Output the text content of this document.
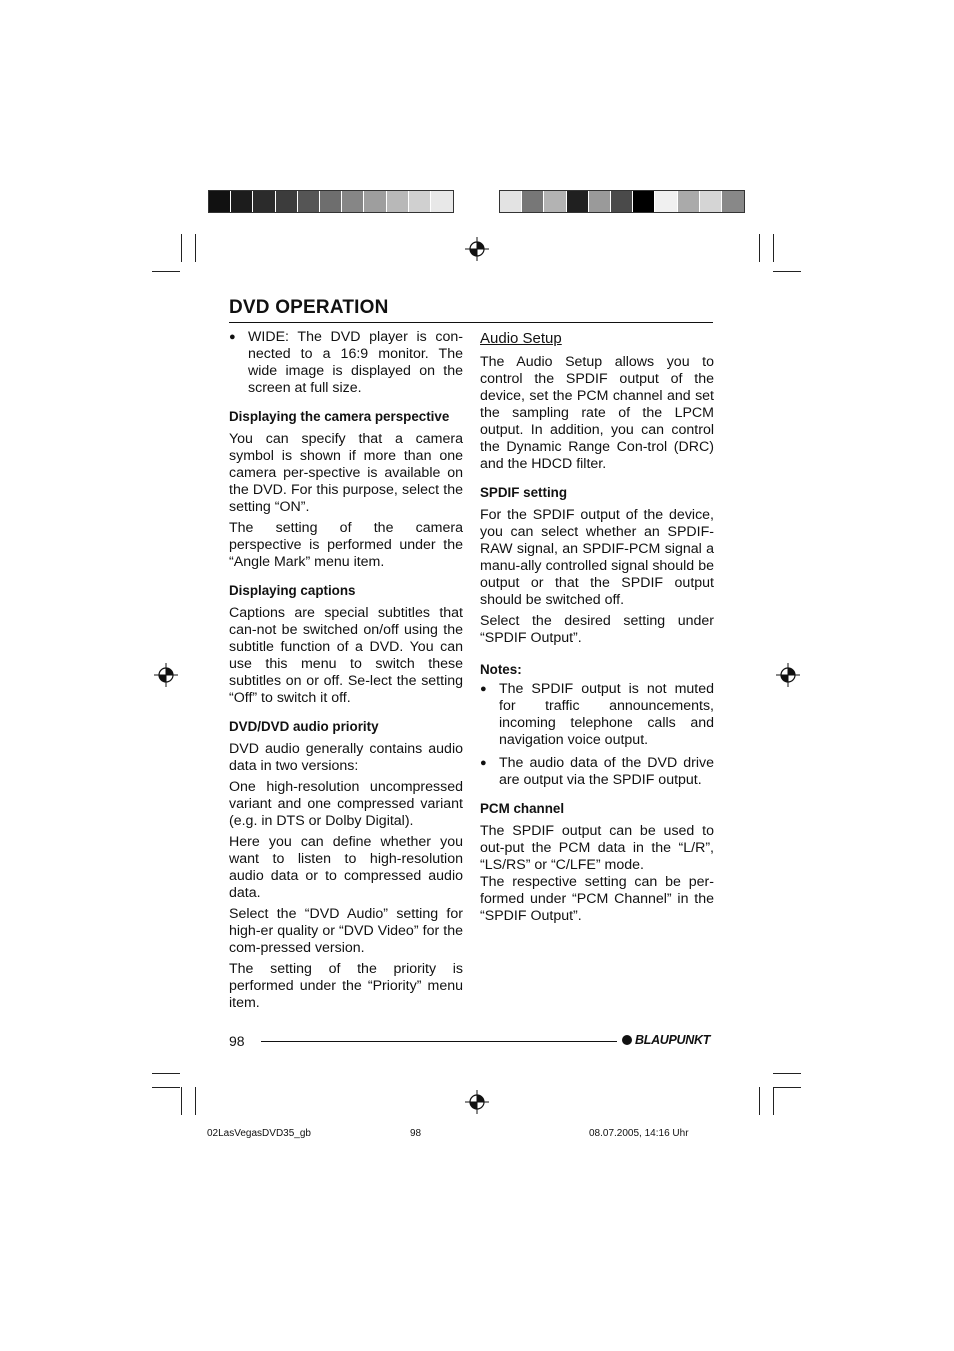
DVD OPERATION

● WIDE: The DVD player is con-nected to a 16:9 monitor. The wide image is displayed on the screen at full size.

Displaying the camera perspective

You can specify that a camera symbol is shown if more than one camera per-spective is available on the DVD. For this purpose, select the setting “ON”.

The setting of the camera perspective is performed under the “Angle Mark” menu item.

Displaying captions

Captions are special subtitles that can-not be switched on/off using the subtitle function of a DVD. You can use this menu to switch these subtitles on or off. Se-lect the setting “Off” to switch it off.

DVD/DVD audio priority

DVD audio generally contains audio data in two versions:

One high-resolution uncompressed variant and one compressed variant (e.g. in DTS or Dolby Digital).

Here you can define whether you want to listen to high-resolution audio data or to compressed audio data.

Select the “DVD Audio” setting for high-er quality or “DVD Video” for the com-pressed version.

The setting of the priority is performed under the “Priority” menu item.

Audio Setup

The Audio Setup allows you to control the SPDIF output of the device, set the PCM channel and set the sampling rate of the LPCM output. In addition, you can control the Dynamic Range Con-trol (DRC) and the HDCD filter.

SPDIF setting

For the SPDIF output of the device, you can select whether an SPDIF-RAW signal, an SPDIF-PCM signal a manu-ally controlled signal should be output or that the SPDIF output should be switched off.

Select the desired setting under “SPDIF Output”.

Notes:

● The SPDIF output is not muted for traffic announcements, incoming telephone calls and navigation voice output.

● The audio data of the DVD drive are output via the SPDIF output.

PCM channel

The SPDIF output can be used to out-put the PCM data in the “L/R”, “LS/RS” or “C/LFE” mode.

The respective setting can be per-formed under “PCM Channel” in the “SPDIF Output”.

98	BLAUPUNKT
02LasVegasDVD35_gb	98	08.07.2005, 14:16 Uhr
